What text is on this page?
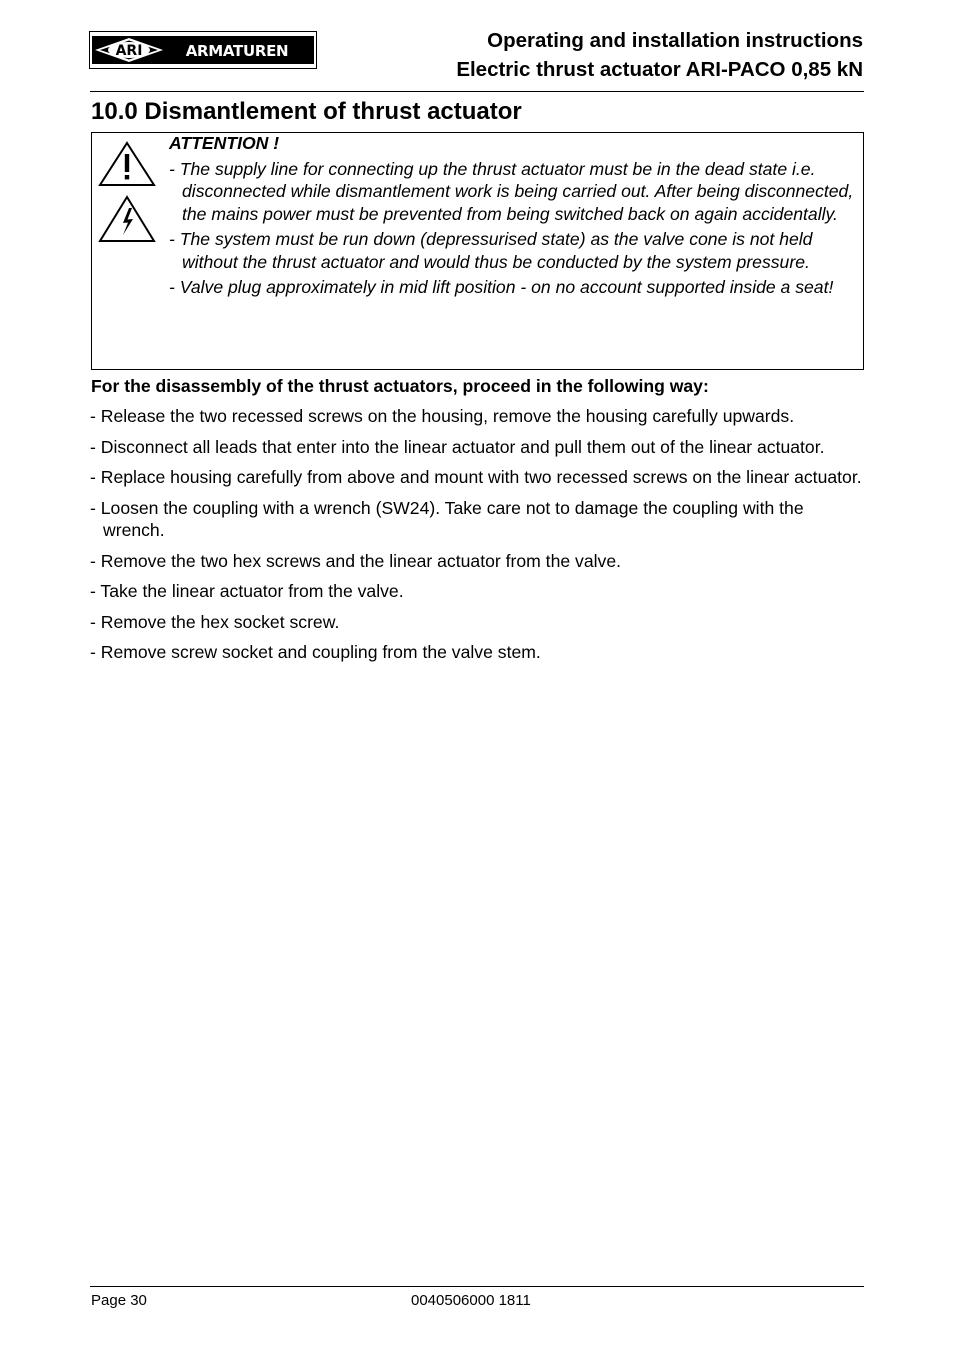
ARI	ARMATUREN	Operating and installation instructions
Electric thrust actuator ARI-PACO 0,85 kN
10.0 Dismantlement of thrust actuator
ATTENTION !
- The supply line for connecting up the thrust actuator must be in the dead state i.e. disconnected while dismantlement work is being carried out. After being disconnected, the mains power must be prevented from being switched back on again accidentally.
- The system must be run down (depressurised state) as the valve cone is not held without the thrust actuator and would thus be conducted by the system pressure.
- Valve plug approximately in mid lift position - on no account supported inside a seat!
For the disassembly of the thrust actuators, proceed in the following way:
- Release the two recessed screws on the housing, remove the housing carefully upwards.
- Disconnect all leads that enter into the linear actuator and pull them out of the linear actuator.
- Replace housing carefully from above and mount with two recessed screws on the linear actuator.
- Loosen the coupling with a wrench (SW24). Take care not to damage the coupling with the wrench.
- Remove the two hex screws and the linear actuator from the valve.
- Take the linear actuator from the valve.
- Remove the hex socket screw.
- Remove screw socket and coupling from the valve stem.
Page 30	0040506000 1811
